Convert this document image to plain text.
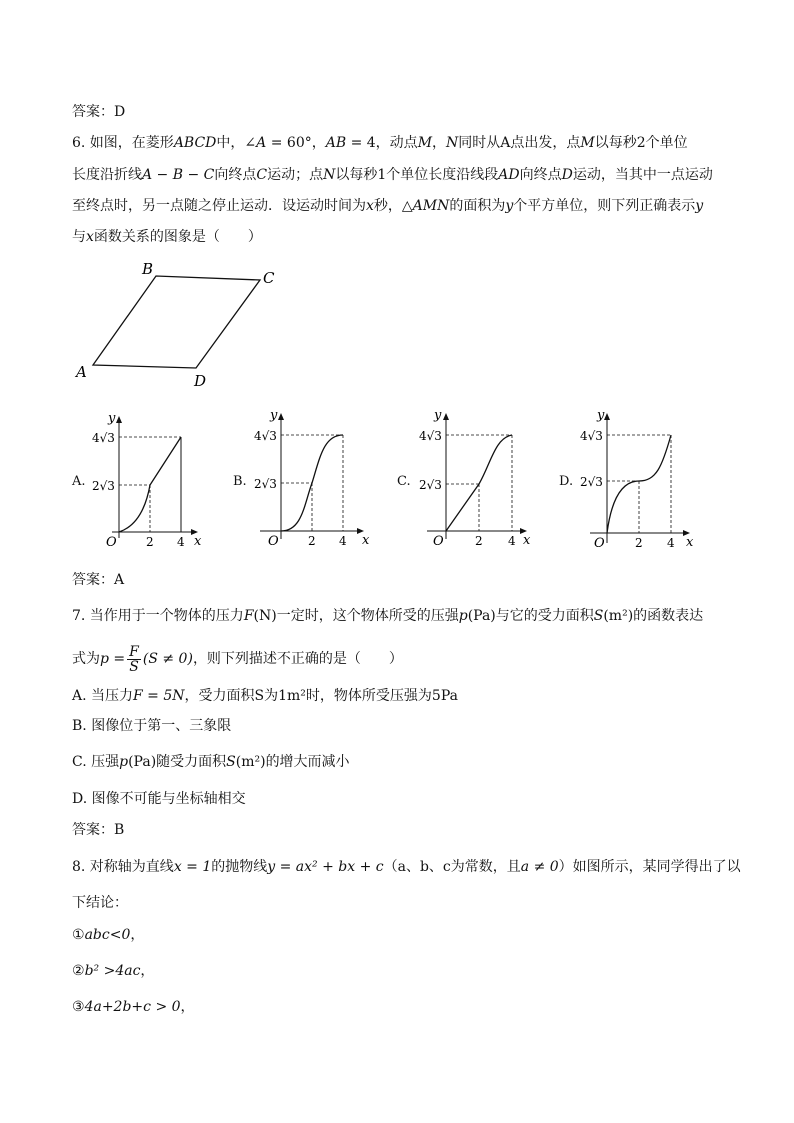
答案：D
6. 如图，在菱形ABCD中，∠A = 60°，AB = 4，动点M，N同时从A点出发，点M以每秒2个单位
长度沿折线A − B − C向终点C运动；点N以每秒1个单位长度沿线段AD向终点D运动，当其中一点运动
至终点时，另一点随之停止运动．设运动时间为x秒，△AMN的面积为y个平方单位，则下列正确表示y
与x函数关系的图象是（　　）
B	C
A	D
A.
y
4√3
2√3
O 2 4 x
B.
y
4√3
2√3
O 2 4 x
C.
y
4√3
2√3
O	2 4 x
D.
y
4√3
2√3
O	2 4 x
答案：A
7. 当作用于一个物体的压力F(N)一定时，这个物体所受的压强p(Pa)与它的受力面积S(m²)的函数表达
式为$p = \frac{F}{S} (S \ne 0)$，则下列描述不正确的是（　　）
A. 当压力F = 5N，受力面积S为1m²时，物体所受压强为5Pa
B. 图像位于第一、三象限
C. 压强p(Pa)随受力面积S(m²)的增大而减小
D. 图像不可能与坐标轴相交
答案：B
8. 对称轴为直线x = 1的抛物线y = ax² + bx + c（a、b、c为常数，且a ≠ 0）如图所示，某同学得出了以
下结论：
①abc<0，
②b² >4ac，
③4a+2b+c > 0，
